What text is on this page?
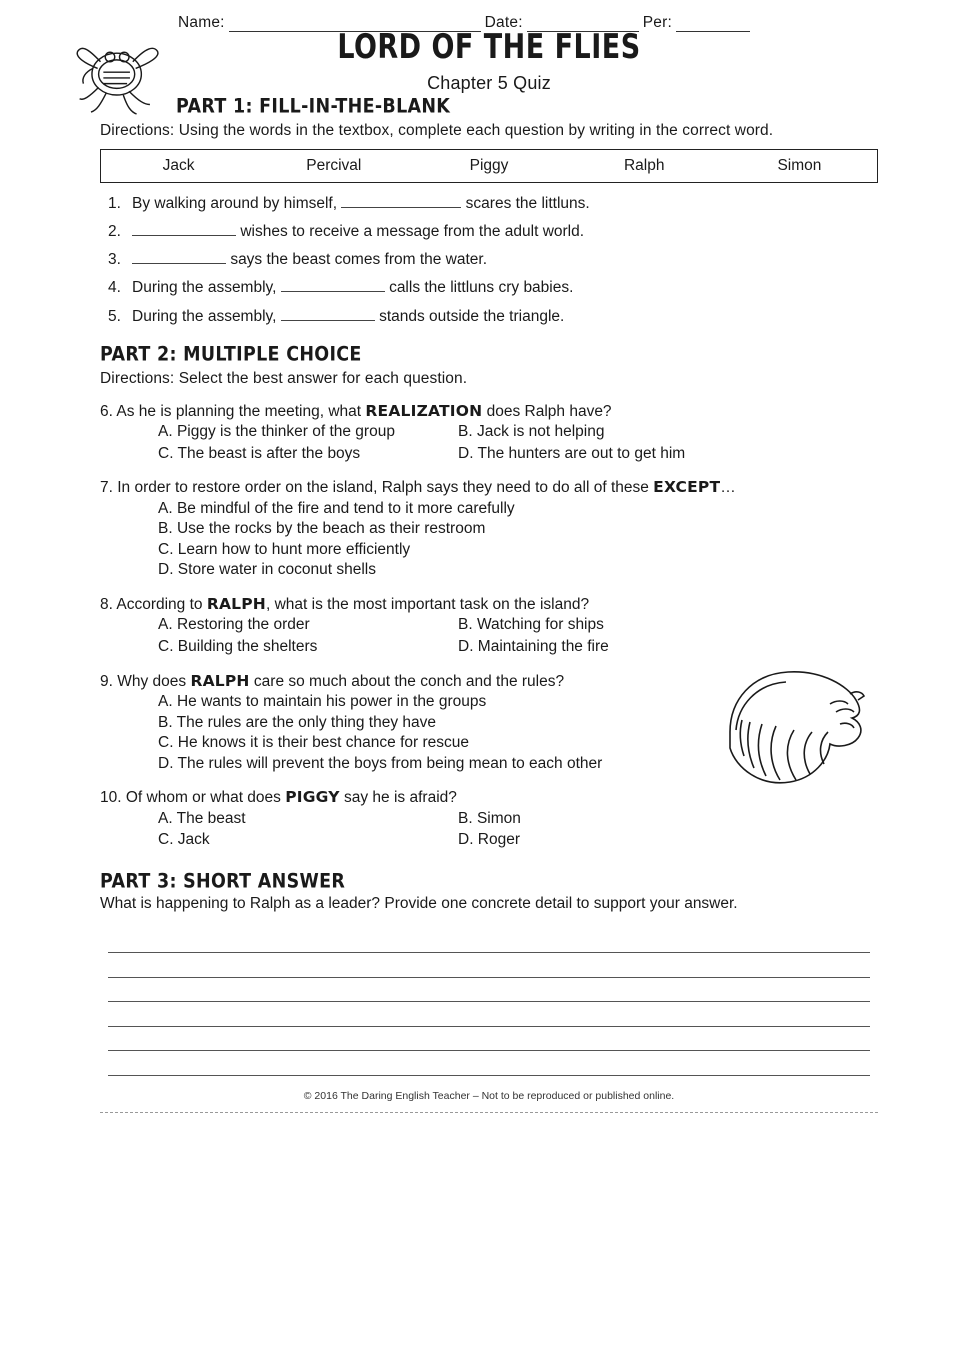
Name:	Date:	Per:
LORD OF THE FLIES
Chapter 5 Quiz
PART 1: FILL-IN-THE-BLANK
Directions: Using the words in the textbox, complete each question by writing in the correct word.
Jack	Percival	Piggy	Ralph	Simon
1. By walking around by himself,	scares the littluns.
2.	wishes to receive a message from the adult world.
3.	says the beast comes from the water.
4. During the assembly,	calls the littluns cry babies.
5. During the assembly,	stands outside the triangle.
PART 2: MULTIPLE CHOICE
Directions: Select the best answer for each question.
6. As he is planning the meeting, what REALIZATION does Ralph have?
A. Piggy is the thinker of the group	B. Jack is not helping
C. The beast is after the boys	D. The hunters are out to get him
7. In order to restore order on the island, Ralph says they need to do all of these EXCEPT…
A. Be mindful of the fire and tend to it more carefully
B. Use the rocks by the beach as their restroom
C. Learn how to hunt more efficiently
D. Store water in coconut shells
8. According to RALPH, what is the most important task on the island?
A. Restoring the order	B. Watching for ships
C. Building the shelters	D. Maintaining the fire
9. Why does RALPH care so much about the conch and the rules?
A. He wants to maintain his power in the groups
B. The rules are the only thing they have
C. He knows it is their best chance for rescue
D. The rules will prevent the boys from being mean to each other
10. Of whom or what does PIGGY say he is afraid?
A. The beast	B. Simon
C. Jack	D. Roger
PART 3: SHORT ANSWER
What is happening to Ralph as a leader? Provide one concrete detail to support your answer.
© 2016 The Daring English Teacher – Not to be reproduced or published online.
